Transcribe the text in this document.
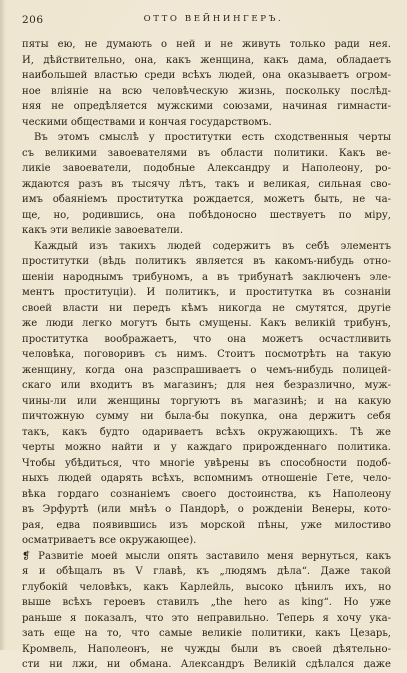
206	ОТТО ВЕЙНИНГЕРЪ.
пяты ею, не думають о ней и не живуть только ради нея.
И, дѣйствительно, она, какъ женщина, какъ дама, обладаетъ
наибольшей властью среди всѣхъ людей, она оказываетъ огром-
ное вліяніе на всю человѣческую жизнь, поскольку послѣд-
няя не опредѣляется мужскими союзами, начиная гимнасти-
ческими обществами и кончая государствомъ.
Въ этомъ смыслѣ у проститутки есть сходственныя черты
съ великими завоевателями въ области политики. Какъ ве-
ликіе завоеватели, подобные Александру и Наполеону, ро-
ждаются разъ въ тысячу лѣтъ, такъ и великая, сильная сво-
имъ обаяніемъ проститутка рождается, можетъ быть, не ча-
ще, но, родившись, она побѣдоносно шествуетъ по міру,
какъ эти великіе завоеватели.
Каждый изъ такихъ людей содержитъ въ себѣ элементъ
проститутки (вѣдь политикъ является въ какомъ-нибудь отно-
шеніи народнымъ трибуномъ, а въ трибунатѣ заключенъ эле-
ментъ проституціи). И политикъ, и проститутка въ сознаніи
своей власти ни передъ кѣмъ никогда не смутятся, другіе
же люди легко могутъ быть смущены. Какъ великій трибунъ,
проститутка воображаетъ, что она можетъ осчастливить
человѣка, поговоривъ съ нимъ. Стоитъ посмотрѣть на такую
женщину, когда она разспрашиваетъ о чемъ-нибудь полицей-
скаго или входитъ въ магазинъ; для нея безразлично, муж-
чины-ли или женщины торгуютъ въ магазинѣ; и на какую
пичтожную сумму ни была-бы покупка, она держитъ себя
такъ, какъ будто одариваетъ всѣхъ окружающихъ. Тѣ же
черты можно найти и у каждаго прирожденнаго политика.
Чтобы убѣдиться, что многіе увѣрены въ способности подоб-
ныхъ людей одарять всѣхъ, вспомнимъ отношеніе Гете, чело-
вѣка гордаго сознаніемъ своего достоинства, къ Наполеону
въ Эрфуртѣ (или мнѣъ о Пандорѣ, о рожденіи Венеры, кото-
рая, едва появившись изъ морской пѣны, уже милостиво
осматриваетъ все окружающее).
❡ Развитіе моей мысли опять заставило меня вернуться, какъ
я и обѣщалъ въ V главѣ, къ „людямъ дѣла“. Даже такой
глубокій человѣкъ, какъ Карлейль, высоко цѣнилъ ихъ, но
выше всѣхъ героевъ ставилъ „the hero as king“. Но уже
раньше я показалъ, что это неправильно. Теперь я хочу ука-
зать еще на то, что самые великіе политики, какъ Цезарь,
Кромвель, Наполеонъ, не чужды были въ своей дѣятельно-
сти ни лжи, ни обмана. Александръ Великій сдѣлался даже
